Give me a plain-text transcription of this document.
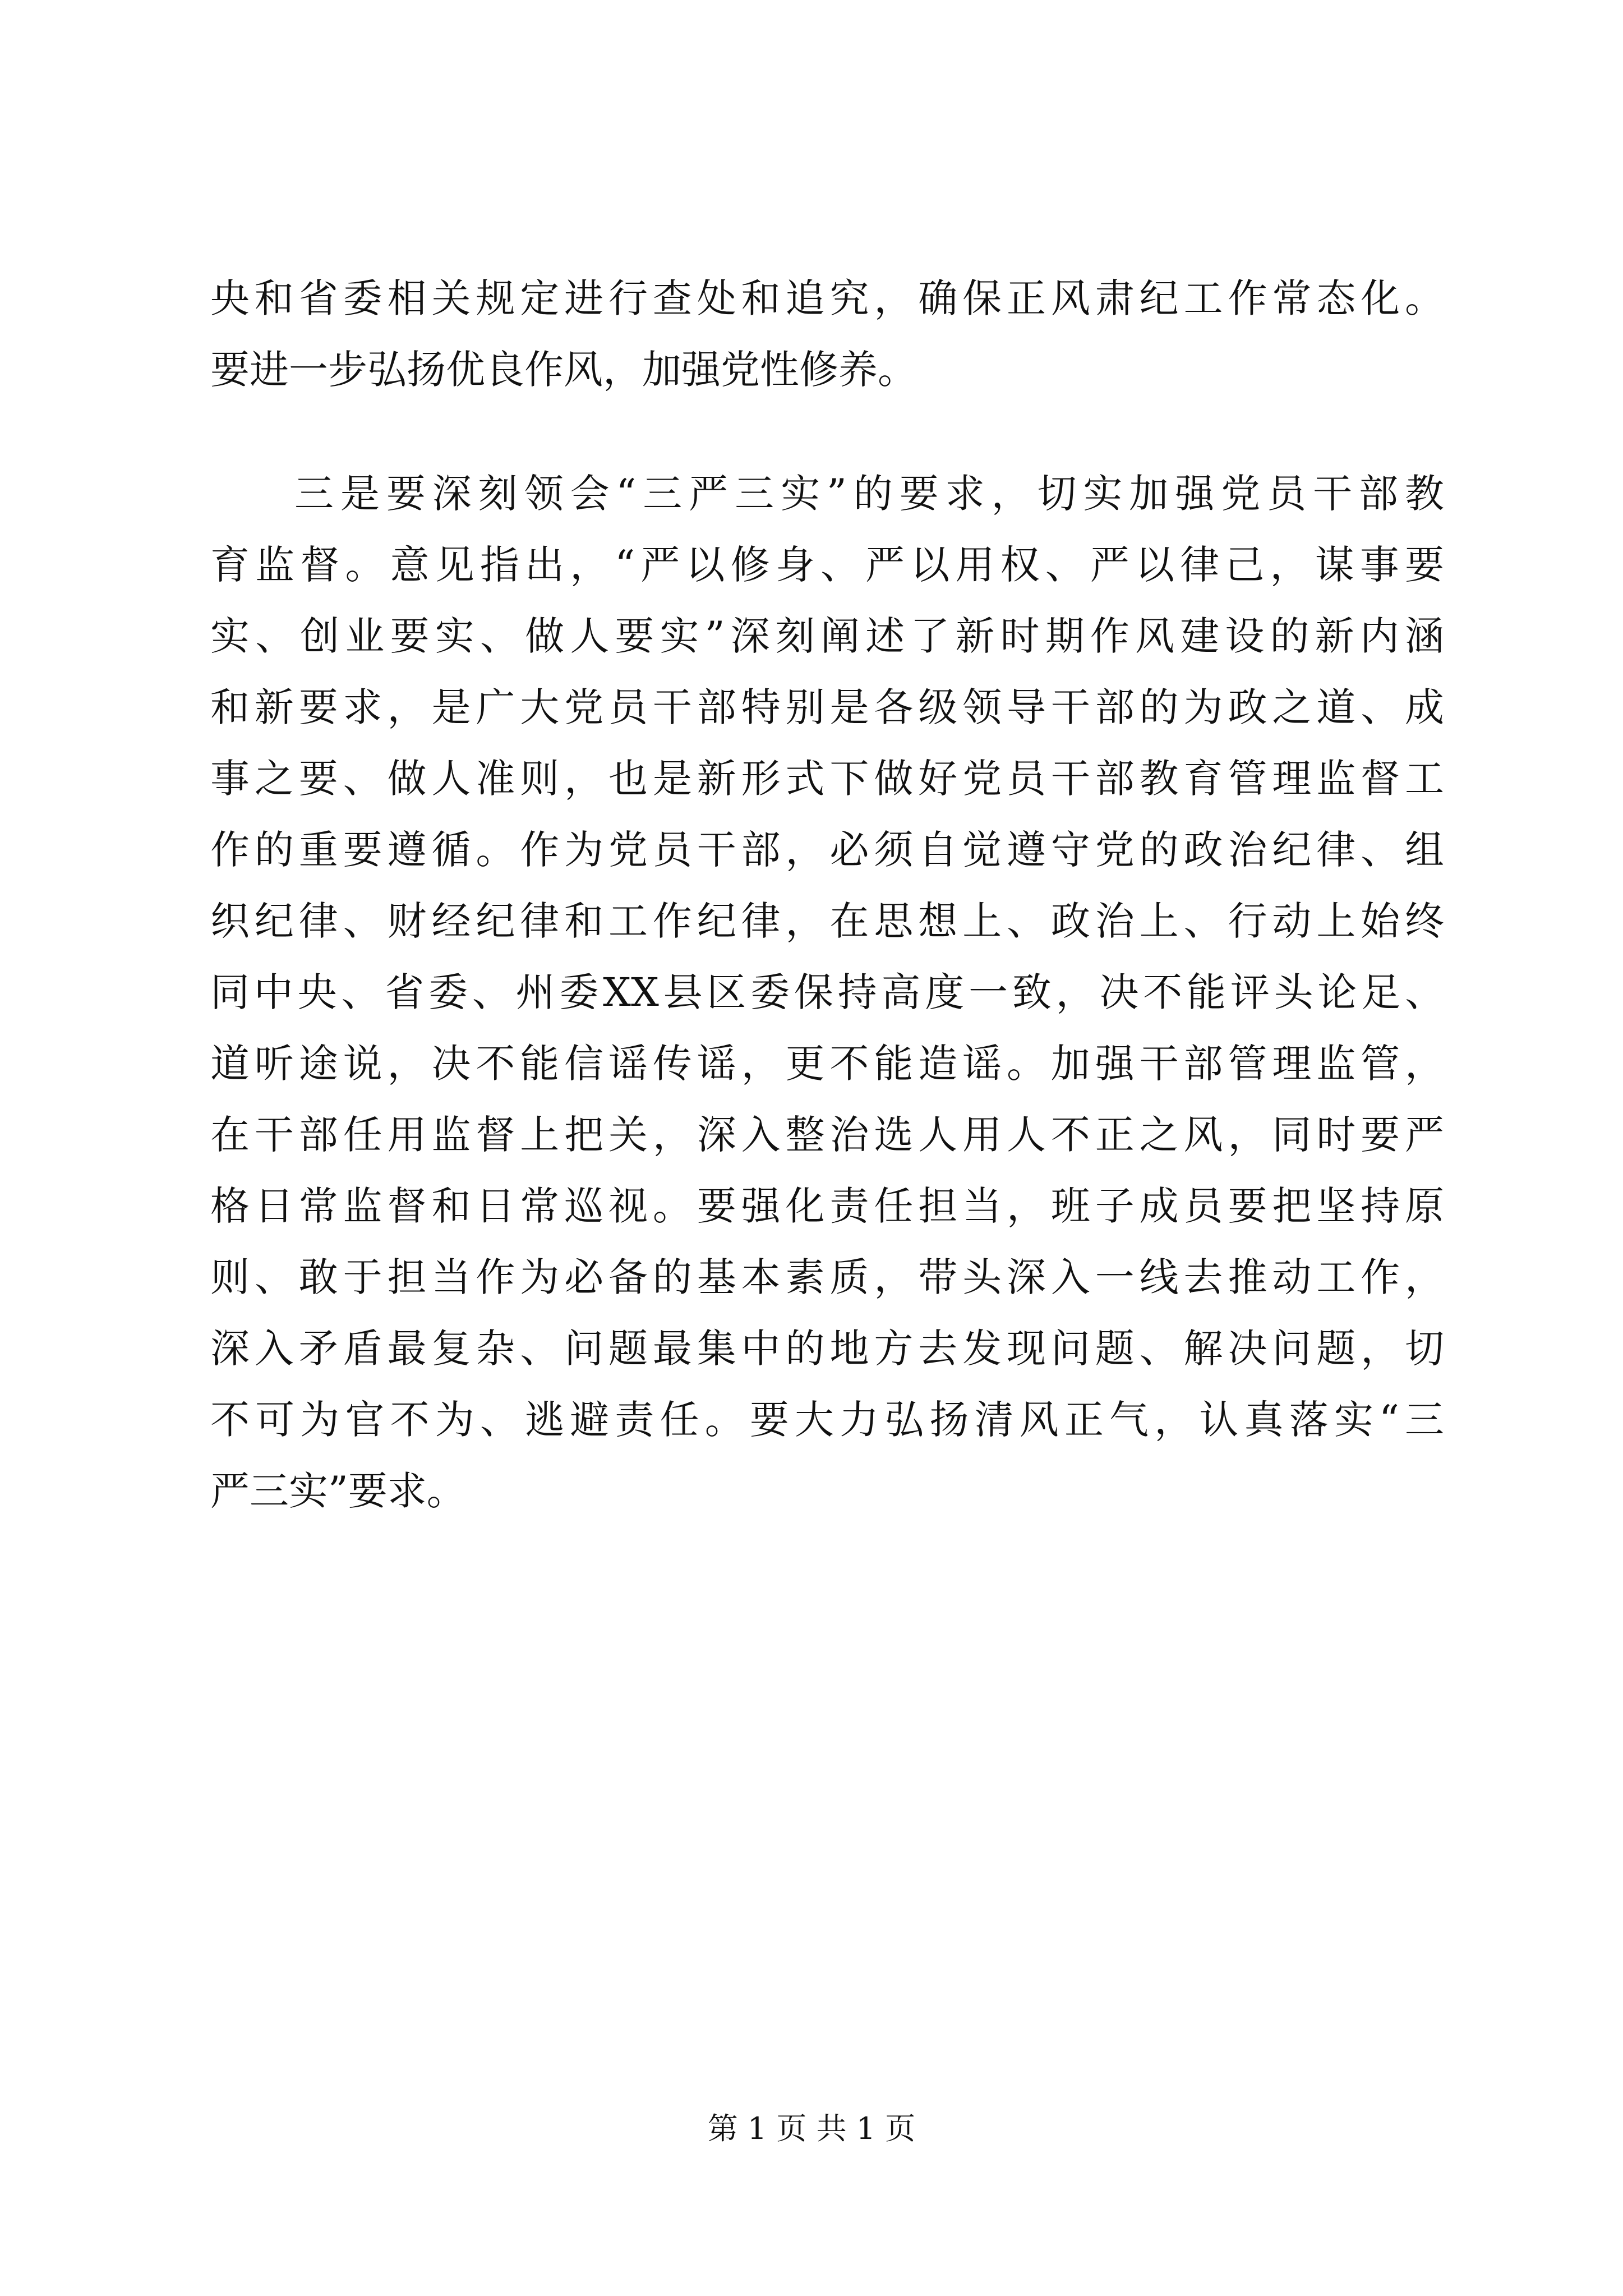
央和省委相关规定进行查处和追究，确保正风肃纪工作常态化。
要进一步弘扬优良作风，加强党性修养。
三是要深刻领会“三严三实”的要求，切实加强党员干部教
育监督。意见指出，“严以修身、严以用权、严以律己，谋事要
实、创业要实、做人要实”深刻阐述了新时期作风建设的新内涵
和新要求，是广大党员干部特别是各级领导干部的为政之道、成
事之要、做人准则，也是新形式下做好党员干部教育管理监督工
作的重要遵循。作为党员干部，必须自觉遵守党的政治纪律、组
织纪律、财经纪律和工作纪律，在思想上、政治上、行动上始终
同中央、省委、州委XX县区委保持高度一致，决不能评头论足、
道听途说，决不能信谣传谣，更不能造谣。加强干部管理监管，
在干部任用监督上把关，深入整治选人用人不正之风，同时要严
格日常监督和日常巡视。要强化责任担当，班子成员要把坚持原
则、敢于担当作为必备的基本素质，带头深入一线去推动工作，
深入矛盾最复杂、问题最集中的地方去发现问题、解决问题，切
不可为官不为、逃避责任。要大力弘扬清风正气，认真落实“三
严三实”要求。
第 1 页 共 1 页
